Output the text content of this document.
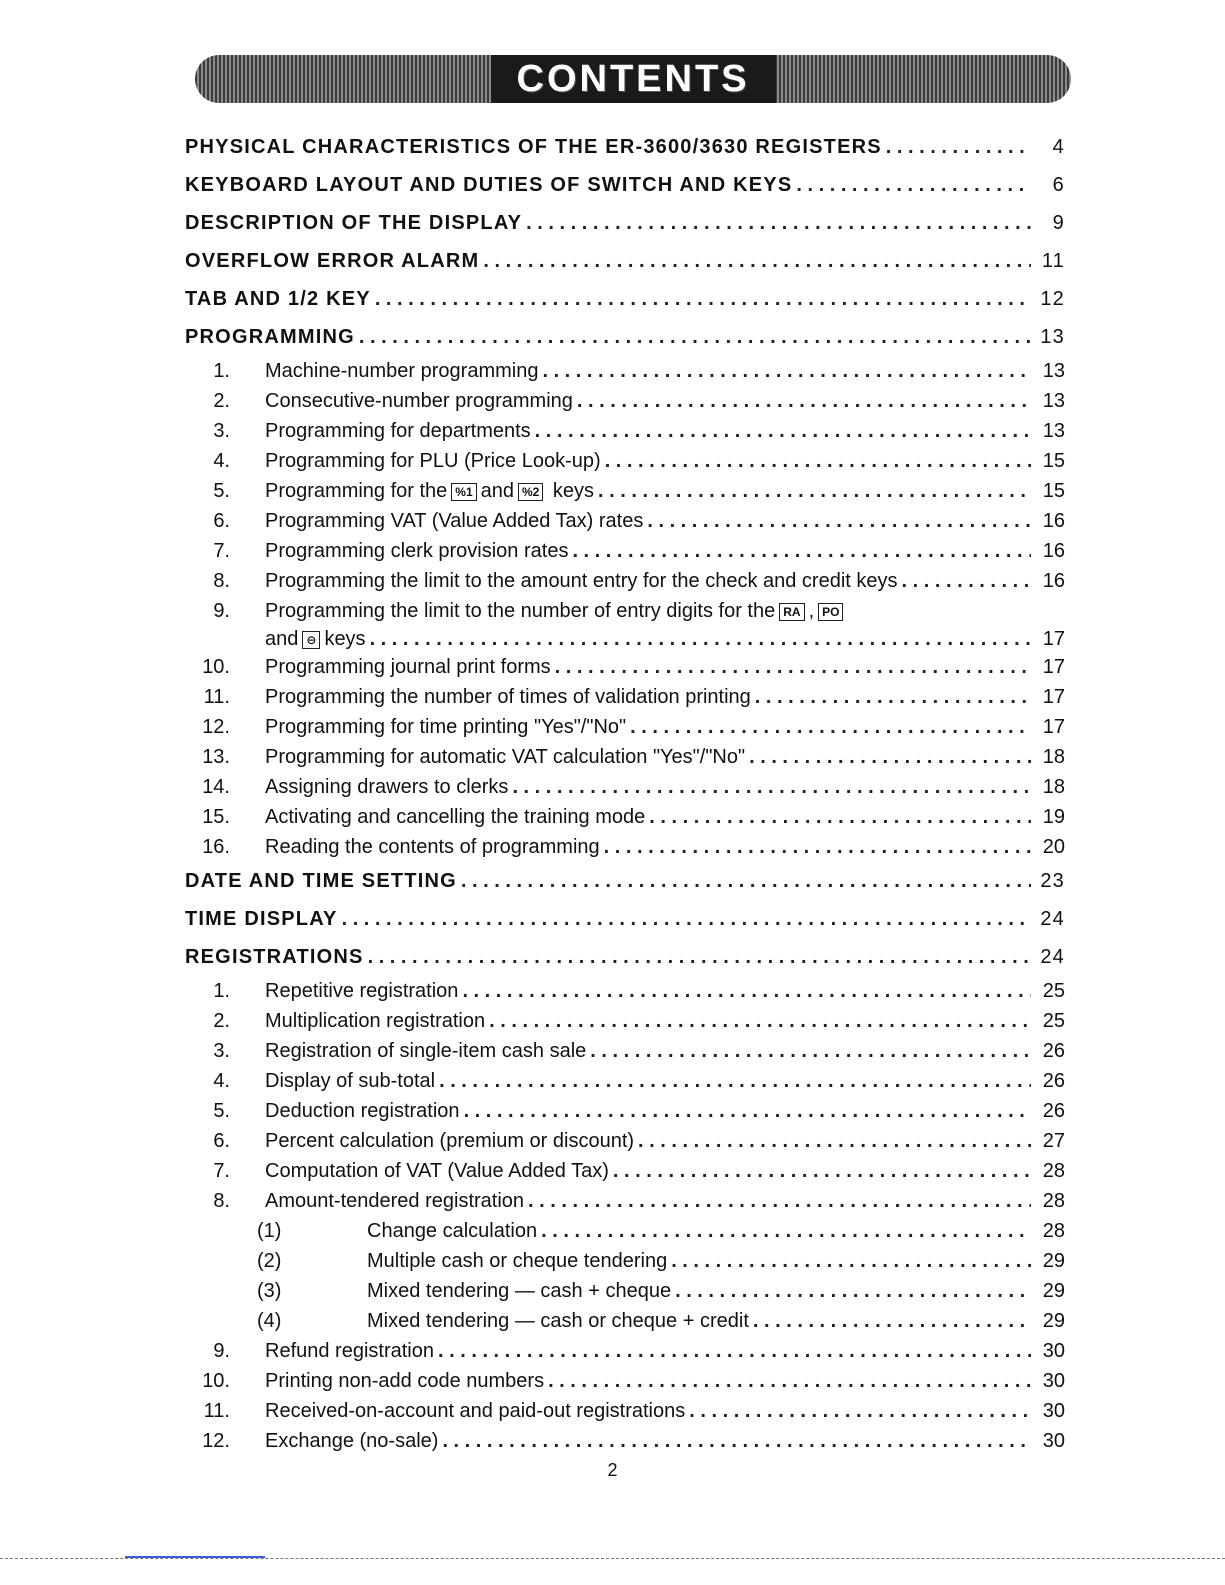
CONTENTS
PHYSICAL CHARACTERISTICS OF THE ER-3600/3630 REGISTERS . . .	4
KEYBOARD LAYOUT AND DUTIES OF SWITCH AND KEYS . . .	6
DESCRIPTION OF THE DISPLAY . . .	9
OVERFLOW ERROR ALARM . . .	11
TAB AND 1/2 KEY . . .	12
PROGRAMMING . . .	13
1. Machine-number programming . . .	13
2. Consecutive-number programming . . .	13
3. Programming for departments . . .	13
4. Programming for PLU (Price Look-up) . . .	15
5. Programming for the %1 and %2 keys . . .	15
6. Programming VAT (Value Added Tax) rates . . .	16
7. Programming clerk provision rates . . .	16
8. Programming the limit to the amount entry for the check and credit keys . . .	16
9. Programming the limit to the number of entry digits for the RA , PO
and ⊖ keys . . .	17
10. Programming journal print forms . . .	17
11. Programming the number of times of validation printing . . .	17
12. Programming for time printing "Yes"/"No" . . .	17
13. Programming for automatic VAT calculation "Yes"/"No" . . .	18
14. Assigning drawers to clerks . . .	18
15. Activating and cancelling the training mode . . .	19
16. Reading the contents of programming . . .	20
DATE AND TIME SETTING . . .	23
TIME DISPLAY . . .	24
REGISTRATIONS . . .	24
1. Repetitive registration . . .	25
2. Multiplication registration . . .	25
3. Registration of single-item cash sale . . .	26
4. Display of sub-total . . .	26
5. Deduction registration . . .	26
6. Percent calculation (premium or discount) . . .	27
7. Computation of VAT (Value Added Tax) . . .	28
8. Amount-tendered registration . . .	28
(1)	Change calculation . . .	28
(2)	Multiple cash or cheque tendering . . .	29
(3)	Mixed tendering — cash + cheque . . .	29
(4)	Mixed tendering — cash or cheque + credit . . .	29
9. Refund registration . . .	30
10. Printing non-add code numbers . . .	30
11. Received-on-account and paid-out registrations . . .	30
12. Exchange (no-sale) . . .	30
2
